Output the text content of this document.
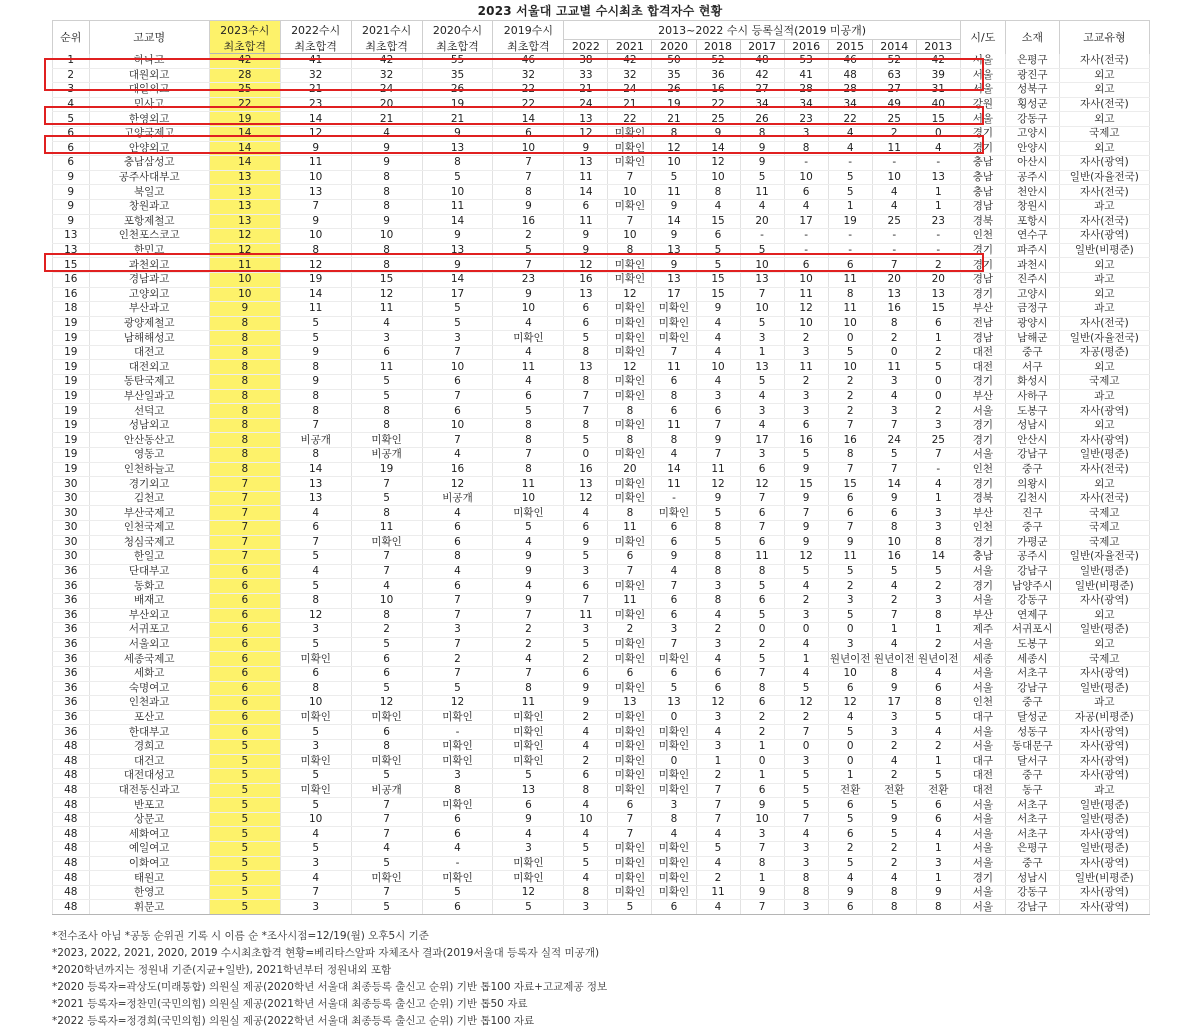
2023 서울대 고교별 수시최초 합격자수 현황
순위	고교명	2023수시	2022수시	2021수시	2020수시	2019수시	2013~2022 수시 등록실적(2019 미공개)									시/도	소재	고교유형
		최초합격	최초합격	최초합격	최초합격	최초합격	2022	2021	2020	2018	2017	2016	2015	2014	2013			
1	하나고	42	41	42	55	46	38	42	50	52	48	53	46	52	42	서울	은평구	자사(전국)
2	대원외고	28	32	32	35	32	33	32	35	36	42	41	48	63	39	서울	광진구	외고
3	대일외고	25	21	24	26	22	21	24	26	16	27	28	28	27	31	서울	성북구	외고
4	민사고	22	23	20	19	22	24	21	19	22	34	34	34	49	40	강원	횡성군	자사(전국)
5	한영외고	19	14	21	21	14	13	22	21	25	26	23	22	25	15	서울	강동구	외고
6	고양국제고	14	12	4	9	6	12	미확인	8	9	8	3	4	2	0	경기	고양시	국제고
6	안양외고	14	9	9	13	10	9	미확인	12	14	9	8	4	11	4	경기	안양시	외고
6	충남삼성고	14	11	9	8	7	13	미확인	10	12	9	-	-	-	-	충남	아산시	자사(광역)
9	공주사대부고	13	10	8	5	7	11	7	5	10	5	10	5	10	13	충남	공주시	일반(자율전국)
9	북일고	13	13	8	10	8	14	10	11	8	11	6	5	4	1	충남	천안시	자사(전국)
9	창원과고	13	7	8	11	9	6	미확인	9	4	4	4	1	4	1	경남	창원시	과고
9	포항제철고	13	9	9	14	16	11	7	14	15	20	17	19	25	23	경북	포항시	자사(전국)
13	인천포스코고	12	10	10	9	2	9	10	9	6	-	-	-	-	-	인천	연수구	자사(광역)
13	한민고	12	8	8	13	5	9	8	13	5	5	-	-	-	-	경기	파주시	일반(비평준)
15	과천외고	11	12	8	9	7	12	미확인	9	5	10	6	6	7	2	경기	과천시	외고
16	경남과고	10	19	15	14	23	16	미확인	13	15	13	10	11	20	20	경남	진주시	과고
16	고양외고	10	14	12	17	9	13	12	17	15	7	11	8	13	13	경기	고양시	외고
18	부산과고	9	11	11	5	10	6	미확인	미확인	9	10	12	11	16	15	부산	금정구	과고
19	광양제철고	8	5	4	5	4	6	미확인	미확인	4	5	10	10	8	6	전남	광양시	자사(전국)
19	남해해성고	8	5	3	3	미확인	5	미확인	미확인	4	3	2	0	2	1	경남	남해군	일반(자율전국)
19	대전고	8	9	6	7	4	8	미확인	7	4	1	3	5	0	2	대전	중구	자공(평준)
19	대전외고	8	8	11	10	11	13	12	11	10	13	11	10	11	5	대전	서구	외고
19	동탄국제고	8	9	5	6	4	8	미확인	6	4	5	2	2	3	0	경기	화성시	국제고
19	부산일과고	8	8	5	7	6	7	미확인	8	3	4	3	2	4	0	부산	사하구	과고
19	선덕고	8	8	8	6	5	7	8	6	6	3	3	2	3	2	서울	도봉구	자사(광역)
19	성남외고	8	7	8	10	8	8	미확인	11	7	4	6	7	7	3	경기	성남시	외고
19	안산동산고	8	비공개	미확인	7	8	5	8	8	9	17	16	16	24	25	경기	안산시	자사(광역)
19	영동고	8	8	비공개	4	7	0	미확인	4	7	3	5	8	5	7	서울	강남구	일반(평준)
19	인천하늘고	8	14	19	16	8	16	20	14	11	6	9	7	7	-	인천	중구	자사(전국)
30	경기외고	7	13	7	12	11	13	미확인	11	12	12	15	15	14	4	경기	의왕시	외고
30	김천고	7	13	5	비공개	10	12	미확인	-	9	7	9	6	9	1	경북	김천시	자사(전국)
30	부산국제고	7	4	8	4	미확인	4	8	미확인	5	6	7	6	6	3	부산	진구	국제고
30	인천국제고	7	6	11	6	5	6	11	6	8	7	9	7	8	3	인천	중구	국제고
30	청심국제고	7	7	미확인	6	4	9	미확인	6	5	6	9	9	10	8	경기	가평군	국제고
30	한일고	7	5	7	8	9	5	6	9	8	11	12	11	16	14	충남	공주시	일반(자율전국)
36	단대부고	6	4	7	4	9	3	7	4	8	8	5	5	5	5	서울	강남구	일반(평준)
36	동화고	6	5	4	6	4	6	미확인	7	3	5	4	2	4	2	경기	남양주시	일반(비평준)
36	배재고	6	8	10	7	9	7	11	6	8	6	2	3	2	3	서울	강동구	자사(광역)
36	부산외고	6	12	8	7	7	11	미확인	6	4	5	3	5	7	8	부산	연제구	외고
36	서귀포고	6	3	2	3	2	3	2	3	2	0	0	0	1	1	제주	서귀포시	일반(평준)
36	서울외고	6	5	5	7	2	5	미확인	7	3	2	4	3	4	2	서울	도봉구	외고
36	세종국제고	6	미확인	6	2	4	2	미확인	미확인	4	5	1	원년이전	원년이전	원년이전	세종	세종시	국제고
36	세화고	6	6	6	7	7	6	6	6	6	7	4	10	8	4	서울	서초구	자사(광역)
36	숙명여고	6	8	5	5	8	9	미확인	5	6	8	5	6	9	6	서울	강남구	일반(평준)
36	인천과고	6	10	12	12	11	9	13	13	12	6	12	12	17	8	인천	중구	과고
36	포산고	6	미확인	미확인	미확인	미확인	2	미확인	0	3	2	2	4	3	5	대구	달성군	자공(비평준)
36	한대부고	6	5	6	-	미확인	4	미확인	미확인	4	2	7	5	3	4	서울	성동구	자사(광역)
48	경희고	5	3	8	미확인	미확인	4	미확인	미확인	3	1	0	0	2	2	서울	동대문구	자사(광역)
48	대건고	5	미확인	미확인	미확인	미확인	2	미확인	0	1	0	3	0	4	1	대구	달서구	자사(광역)
48	대전대성고	5	5	5	3	5	6	미확인	미확인	2	1	5	1	2	5	대전	중구	자사(광역)
48	대전동신과고	5	미확인	비공개	8	13	8	미확인	미확인	7	6	5	전환	전환	전환	대전	동구	과고
48	반포고	5	5	7	미확인	6	4	6	3	7	9	5	6	5	6	서울	서초구	일반(평준)
48	상문고	5	10	7	6	9	10	7	8	7	10	7	5	9	6	서울	서초구	일반(평준)
48	세화여고	5	4	7	6	4	4	7	4	4	3	4	6	5	4	서울	서초구	자사(광역)
48	예일여고	5	5	4	4	3	5	미확인	미확인	5	7	3	2	2	1	서울	은평구	일반(평준)
48	이화여고	5	3	5	-	미확인	5	미확인	미확인	4	8	3	5	2	3	서울	중구	자사(광역)
48	태원고	5	4	미확인	미확인	미확인	4	미확인	미확인	2	1	8	4	4	1	경기	성남시	일반(비평준)
48	한영고	5	7	7	5	12	8	미확인	미확인	11	9	8	9	8	9	서울	강동구	자사(광역)
48	휘문고	5	3	5	6	5	3	5	6	4	7	3	6	8	8	서울	강남구	자사(광역)
*전수조사 아님 *공동 순위권 기록 시 이름 순 *조사시점=12/19(월) 오후5시 기준
*2023, 2022, 2021, 2020, 2019 수시최초합격 현황=베리타스알파 자체조사 결과(2019서울대 등록자 실적 미공개)
*2020학년까지는 정원내 기준(지균+일반), 2021학년부터 정원내외 포함
*2020 등록자=곽상도(미래통합) 의원실 제공(2020학년 서울대 최종등록 출신고 순위) 기반 톱100 자료+고교제공 정보
*2021 등록자=정찬민(국민의힘) 의원실 제공(2021학년 서울대 최종등록 출신고 순위) 기반 톱50 자료
*2022 등록자=정경희(국민의힘) 의원실 제공(2022학년 서울대 최종등록 출신고 순위) 기반 톱100 자료
